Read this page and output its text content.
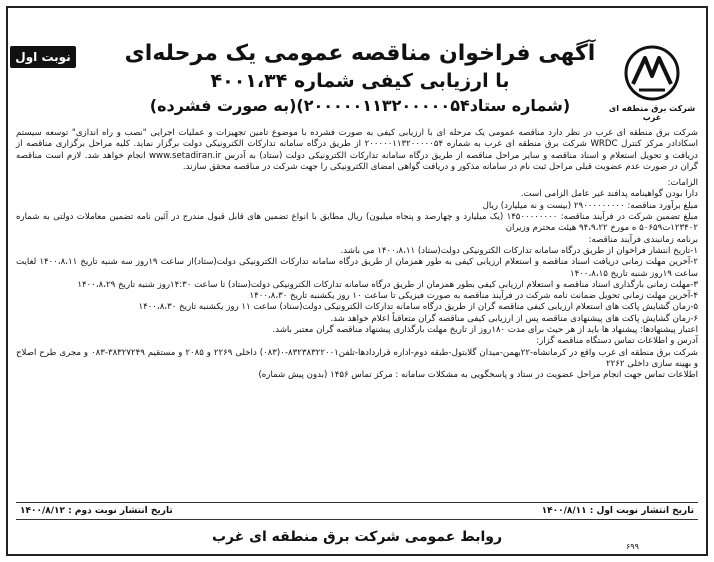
نوبت اول
شرکت برق منطقه ای غرب
آگهی فراخوان مناقصه عمومی یک مرحله‌ای
با ارزیابی کیفی شماره ۴۰۰۱،۳۴
(شماره ستاد۲۰۰۰۰۰۱۱۳۲۰۰۰۰۰۵۴)(به صورت فشرده)

شرکت برق منطقه ای غرب در نظر دارد مناقصه عمومی یک مرحله ای با ارزیابی کیفی به صورت فشرده با موضوع تامین تجهیزات و عملیات اجرایی "نصب و راه اندازی" توسعه سیستم اسکادادر مرکز کنترل WRDC شرکت برق منطقه ای غرب به شماره ۲۰۰۰۰۰۱۱۳۲۰۰۰۰۰۵۴ از طریق درگاه سامانه تدارکات الکترونیکی دولت برگزار نماید. کلیه مراحل برگزاری مناقصه از دریافت و تحویل استعلام و اسناد مناقصه و سایر مراحل مناقصه از طریق درگاه سامانه تدارکات الکترونیکی دولت (ستاد) به آدرس www.setadiran.ir انجام خواهد شد. لازم است مناقصه گران در صورت عدم عضویت قبلی مراحل ثبت نام در سامانه مذکور و دریافت گواهی امضای الکترونیکی را جهت شرکت در مناقصه محقق سازند.

الزامات:

دارا بودن گواهینامه پدافند غیر عامل الزامی است.

مبلغ برآورد مناقصه: ۲۹۰۰۰۰۰۰۰۰۰ (بیست و نه میلیارد) ریال

مبلغ تضمین شرکت در فرآیند مناقصه: ۱۴۵۰۰۰۰۰۰۰۰ (یک میلیارد و چهارصد و پنجاه میلیون) ریال مطابق با انواع تضمین های قابل قبول مندرج در آئین نامه تضمین معاملات دولتی به شماره ۱۲۳۴۰۲ت۵۰۶۵۹ ه مورخ ۹۴،۹،۲۲ هیئت محترم وزیران

برنامه زمانبندی فرآیند مناقصه:

۱-تاریخ انتشار فراخوان از طریق درگاه سامانه تدارکات الکترونیکی دولت(ستاد) ۱۴۰۰،۸،۱۱ می باشد.

۲-آخرین مهلت زمانی دریافت اسناد مناقصه و استعلام ارزیابی کیفی به طور همزمان از طریق درگاه سامانه تدارکات الکترونیکی دولت(ستاد)از ساعت ۱۹روز سه شنبه تاریخ ۱۴۰۰،۸،۱۱ لغایت ساعت ۱۹روز شنبه تاریخ ۱۴۰۰،۸،۱۵

۳-مهلت زمانی بارگذاری اسناد مناقصه و استعلام ارزیابی کیفی بطور همزمان از طریق درگاه سامانه تدارکات الکترونیکی دولت(ستاد) تا ساعت ۱۴:۳۰روز شنبه تاریخ ۱۴۰۰،۸،۲۹

۴-آخرین مهلت زمانی تحویل ضمانت نامه شرکت در فرآیند مناقصه به صورت فیزیکی تا ساعت ۱۰ روز یکشنبه تاریخ ۱۴۰۰،۸،۳۰

۵-زمان گشایش پاکت های استعلام ارزیابی کیفی مناقصه گران از طریق درگاه سامانه تدارکات الکترونیکی دولت(ستاد) ساعت ۱۱ روز یکشنبه تاریخ ۱۴۰۰،۸،۳۰

۶-زمان گشایش پاکت های پیشنهادی مناقصه پس از ارزیابی کیفی مناقصه گران متعاقباً اعلام خواهد شد.

اعتبار پیشنهادها: پیشنهاد ها باید از هر حیث برای مدت ۱۸۰روز از تاریخ مهلت بارگذاری پیشنهاد مناقصه گران معتبر باشد.

آدرس و اطلاعات تماس دستگاه مناقصه گزار:

شرکت برق منطقه ای غرب واقع در کرمانشاه-۲۲بهمن-میدان گلابتول-طبقه دوم-اداره قراردادها-تلفن۸۳۲۳۸۳۲۲۰۰۱-۰(۰۸۳) داخلی ۲۲۶۹ و ۲۰۸۵ و مستقیم ۳۸۳۲۷۲۴۹-۰۸۳ و مجری طرح اصلاح و بهینه سازی داخلی ۲۲۶۲

اطلاعات تماس جهت انجام مراحل عضویت در ستاد و پاسخگویی به مشکلات سامانه : مرکز تماس ۱۴۵۶ (بدون پیش شماره)

تاریخ انتشار نوبت اول : ۱۴۰۰/۸/۱۱
تاریخ انتشار نوبت دوم : ۱۴۰۰/۸/۱۲
روابط عمومی شرکت برق منطقه ای غرب
۶۹۹
